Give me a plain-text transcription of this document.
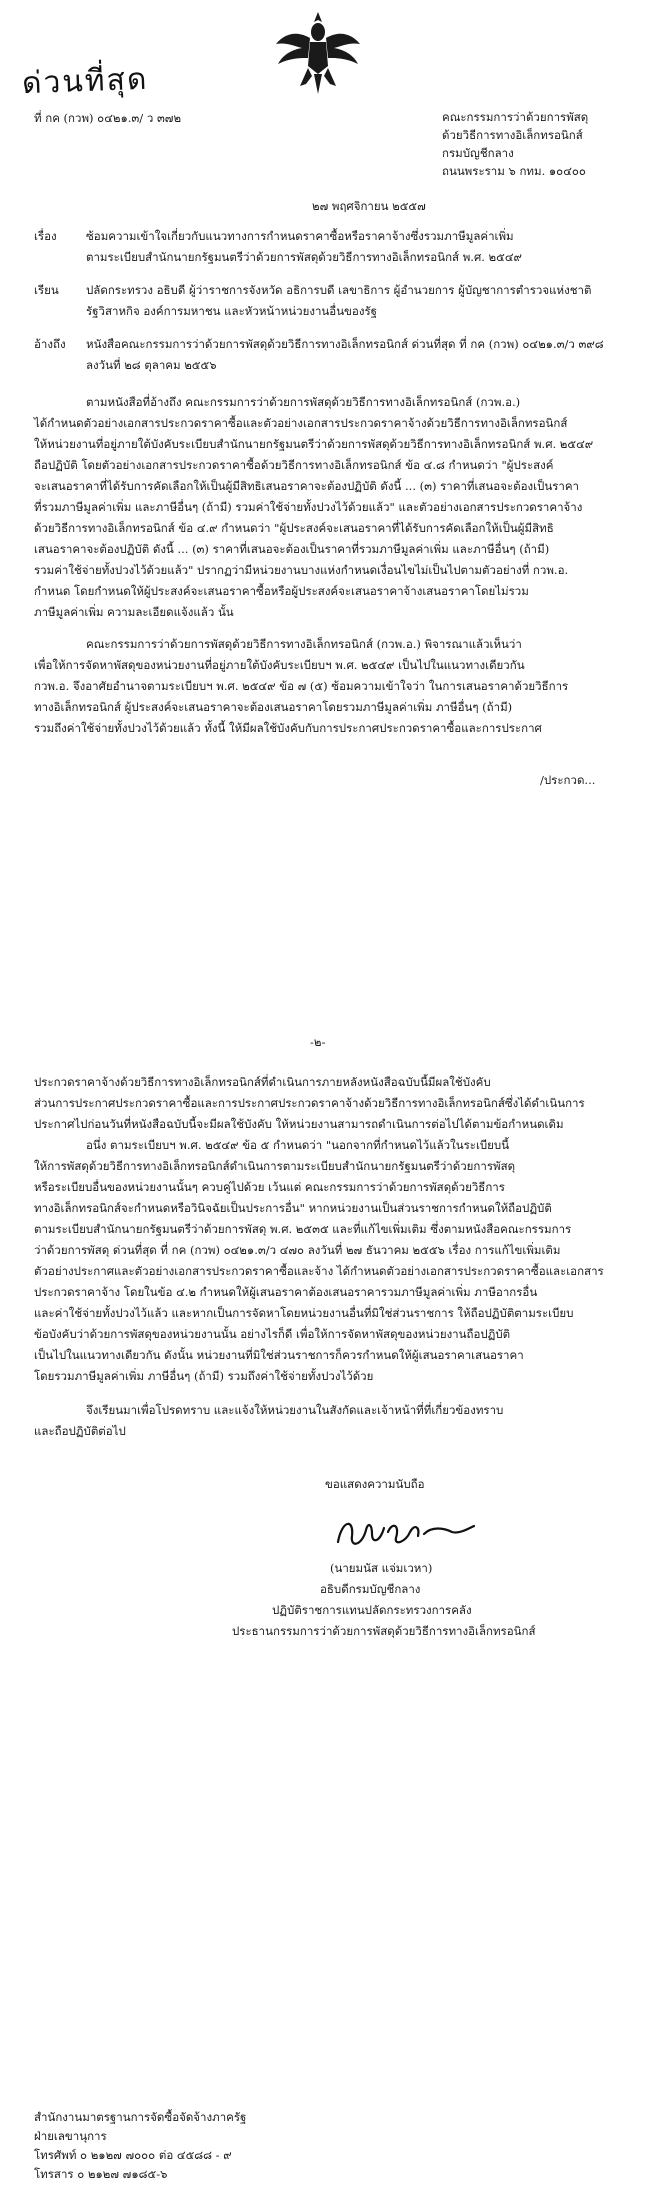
ด่วนที่สุด
ที่ กค (กวพ) ๐๔๒๑.๓/ ว ๓๗๒	คณะกรรมการว่าด้วยการพัสดุ
ด้วยวิธีการทางอิเล็กทรอนิกส์
กรมบัญชีกลาง
ถนนพระราม ๖ กทม. ๑๐๔๐๐
๒๗ พฤศจิกายน ๒๕๕๗
เรื่อง	ซ้อมความเข้าใจเกี่ยวกับแนวทางการกำหนดราคาซื้อหรือราคาจ้างซึ่งรวมภาษีมูลค่าเพิ่ม
ตามระเบียบสำนักนายกรัฐมนตรีว่าด้วยการพัสดุด้วยวิธีการทางอิเล็กทรอนิกส์ พ.ศ. ๒๕๔๙
เรียน	ปลัดกระทรวง อธิบดี ผู้ว่าราชการจังหวัด อธิการบดี เลขาธิการ ผู้อำนวยการ ผู้บัญชาการตำรวจแห่งชาติ
รัฐวิสาหกิจ องค์การมหาชน และหัวหน้าหน่วยงานอื่นของรัฐ
อ้างถึง	หนังสือคณะกรรมการว่าด้วยการพัสดุด้วยวิธีการทางอิเล็กทรอนิกส์ ด่วนที่สุด ที่ กค (กวพ) ๐๔๒๑.๓/ว ๓๙๘
ลงวันที่ ๒๘ ตุลาคม ๒๕๕๖
ตามหนังสือที่อ้างถึง คณะกรรมการว่าด้วยการพัสดุด้วยวิธีการทางอิเล็กทรอนิกส์ (กวพ.อ.)
ได้กำหนดตัวอย่างเอกสารประกวดราคาซื้อและตัวอย่างเอกสารประกวดราคาจ้างด้วยวิธีการทางอิเล็กทรอนิกส์
ให้หน่วยงานที่อยู่ภายใต้บังคับระเบียบสำนักนายกรัฐมนตรีว่าด้วยการพัสดุด้วยวิธีการทางอิเล็กทรอนิกส์ พ.ศ. ๒๕๔๙
ถือปฏิบัติ โดยตัวอย่างเอกสารประกวดราคาซื้อด้วยวิธีการทางอิเล็กทรอนิกส์ ข้อ ๔.๘ กำหนดว่า "ผู้ประสงค์
จะเสนอราคาที่ได้รับการคัดเลือกให้เป็นผู้มีสิทธิเสนอราคาจะต้องปฏิบัติ ดังนี้ ... (๓) ราคาที่เสนอจะต้องเป็นราคา
ที่รวมภาษีมูลค่าเพิ่ม และภาษีอื่นๆ (ถ้ามี) รวมค่าใช้จ่ายทั้งปวงไว้ด้วยแล้ว" และตัวอย่างเอกสารประกวดราคาจ้าง
ด้วยวิธีการทางอิเล็กทรอนิกส์ ข้อ ๔.๙ กำหนดว่า "ผู้ประสงค์จะเสนอราคาที่ได้รับการคัดเลือกให้เป็นผู้มีสิทธิ
เสนอราคาจะต้องปฏิบัติ ดังนี้ ... (๓) ราคาที่เสนอจะต้องเป็นราคาที่รวมภาษีมูลค่าเพิ่ม และภาษีอื่นๆ (ถ้ามี)
รวมค่าใช้จ่ายทั้งปวงไว้ด้วยแล้ว" ปรากฏว่ามีหน่วยงานบางแห่งกำหนดเงื่อนไขไม่เป็นไปตามตัวอย่างที่ กวพ.อ.
กำหนด โดยกำหนดให้ผู้ประสงค์จะเสนอราคาซื้อหรือผู้ประสงค์จะเสนอราคาจ้างเสนอราคาโดยไม่รวม
ภาษีมูลค่าเพิ่ม ความละเอียดแจ้งแล้ว นั้น
คณะกรรมการว่าด้วยการพัสดุด้วยวิธีการทางอิเล็กทรอนิกส์ (กวพ.อ.) พิจารณาแล้วเห็นว่า
เพื่อให้การจัดหาพัสดุของหน่วยงานที่อยู่ภายใต้บังคับระเบียบฯ พ.ศ. ๒๕๔๙ เป็นไปในแนวทางเดียวกัน
กวพ.อ. จึงอาศัยอำนาจตามระเบียบฯ พ.ศ. ๒๕๔๙ ข้อ ๗ (๕) ซ้อมความเข้าใจว่า ในการเสนอราคาด้วยวิธีการ
ทางอิเล็กทรอนิกส์ ผู้ประสงค์จะเสนอราคาจะต้องเสนอราคาโดยรวมภาษีมูลค่าเพิ่ม ภาษีอื่นๆ (ถ้ามี)
รวมถึงค่าใช้จ่ายทั้งปวงไว้ด้วยแล้ว ทั้งนี้ ให้มีผลใช้บังคับกับการประกาศประกวดราคาซื้อและการประกาศ
/ประกวด...
-๒-
ประกวดราคาจ้างด้วยวิธีการทางอิเล็กทรอนิกส์ที่ดำเนินการภายหลังหนังสือฉบับนี้มีผลใช้บังคับ
ส่วนการประกาศประกวดราคาซื้อและการประกาศประกวดราคาจ้างด้วยวิธีการทางอิเล็กทรอนิกส์ซึ่งได้ดำเนินการ
ประกาศไปก่อนวันที่หนังสือฉบับนี้จะมีผลใช้บังคับ ให้หน่วยงานสามารถดำเนินการต่อไปได้ตามข้อกำหนดเดิม
อนึ่ง ตามระเบียบฯ พ.ศ. ๒๕๔๙ ข้อ ๕ กำหนดว่า "นอกจากที่กำหนดไว้แล้วในระเบียบนี้
ให้การพัสดุด้วยวิธีการทางอิเล็กทรอนิกส์ดำเนินการตามระเบียบสำนักนายกรัฐมนตรีว่าด้วยการพัสดุ
หรือระเบียบอื่นของหน่วยงานนั้นๆ ควบคู่ไปด้วย เว้นแต่ คณะกรรมการว่าด้วยการพัสดุด้วยวิธีการ
ทางอิเล็กทรอนิกส์จะกำหนดหรือวินิจฉัยเป็นประการอื่น" หากหน่วยงานเป็นส่วนราชการกำหนดให้ถือปฏิบัติ
ตามระเบียบสำนักนายกรัฐมนตรีว่าด้วยการพัสดุ พ.ศ. ๒๕๓๕ และที่แก้ไขเพิ่มเติม ซึ่งตามหนังสือคณะกรรมการ
ว่าด้วยการพัสดุ ด่วนที่สุด ที่ กค (กวพ) ๐๔๒๑.๓/ว ๔๗๐ ลงวันที่ ๒๗ ธันวาคม ๒๕๕๖ เรื่อง การแก้ไขเพิ่มเติม
ตัวอย่างประกาศและตัวอย่างเอกสารประกวดราคาซื้อและจ้าง ได้กำหนดตัวอย่างเอกสารประกวดราคาซื้อและเอกสาร
ประกวดราคาจ้าง โดยในข้อ ๔.๒ กำหนดให้ผู้เสนอราคาต้องเสนอราคารวมภาษีมูลค่าเพิ่ม ภาษีอากรอื่น
และค่าใช้จ่ายทั้งปวงไว้แล้ว และหากเป็นการจัดหาโดยหน่วยงานอื่นที่มิใช่ส่วนราชการ ให้ถือปฏิบัติตามระเบียบ
ข้อบังคับว่าด้วยการพัสดุของหน่วยงานนั้น อย่างไรก็ดี เพื่อให้การจัดหาพัสดุของหน่วยงานถือปฏิบัติ
เป็นไปในแนวทางเดียวกัน ดังนั้น หน่วยงานที่มิใช่ส่วนราชการก็ควรกำหนดให้ผู้เสนอราคาเสนอราคา
โดยรวมภาษีมูลค่าเพิ่ม ภาษีอื่นๆ (ถ้ามี) รวมถึงค่าใช้จ่ายทั้งปวงไว้ด้วย
จึงเรียนมาเพื่อโปรดทราบ และแจ้งให้หน่วยงานในสังกัดและเจ้าหน้าที่ที่เกี่ยวข้องทราบ
และถือปฏิบัติต่อไป
ขอแสดงความนับถือ
(นายมนัส แจ่มเวหา)
อธิบดีกรมบัญชีกลาง
ปฏิบัติราชการแทนปลัดกระทรวงการคลัง
ประธานกรรมการว่าด้วยการพัสดุด้วยวิธีการทางอิเล็กทรอนิกส์
สำนักงานมาตรฐานการจัดซื้อจัดจ้างภาครัฐ
ฝ่ายเลขานุการ
โทรศัพท์ ๐ ๒๑๒๗ ๗๐๐๐ ต่อ ๔๕๘๘ - ๙
โทรสาร ๐ ๒๑๒๗ ๗๑๘๕-๖
